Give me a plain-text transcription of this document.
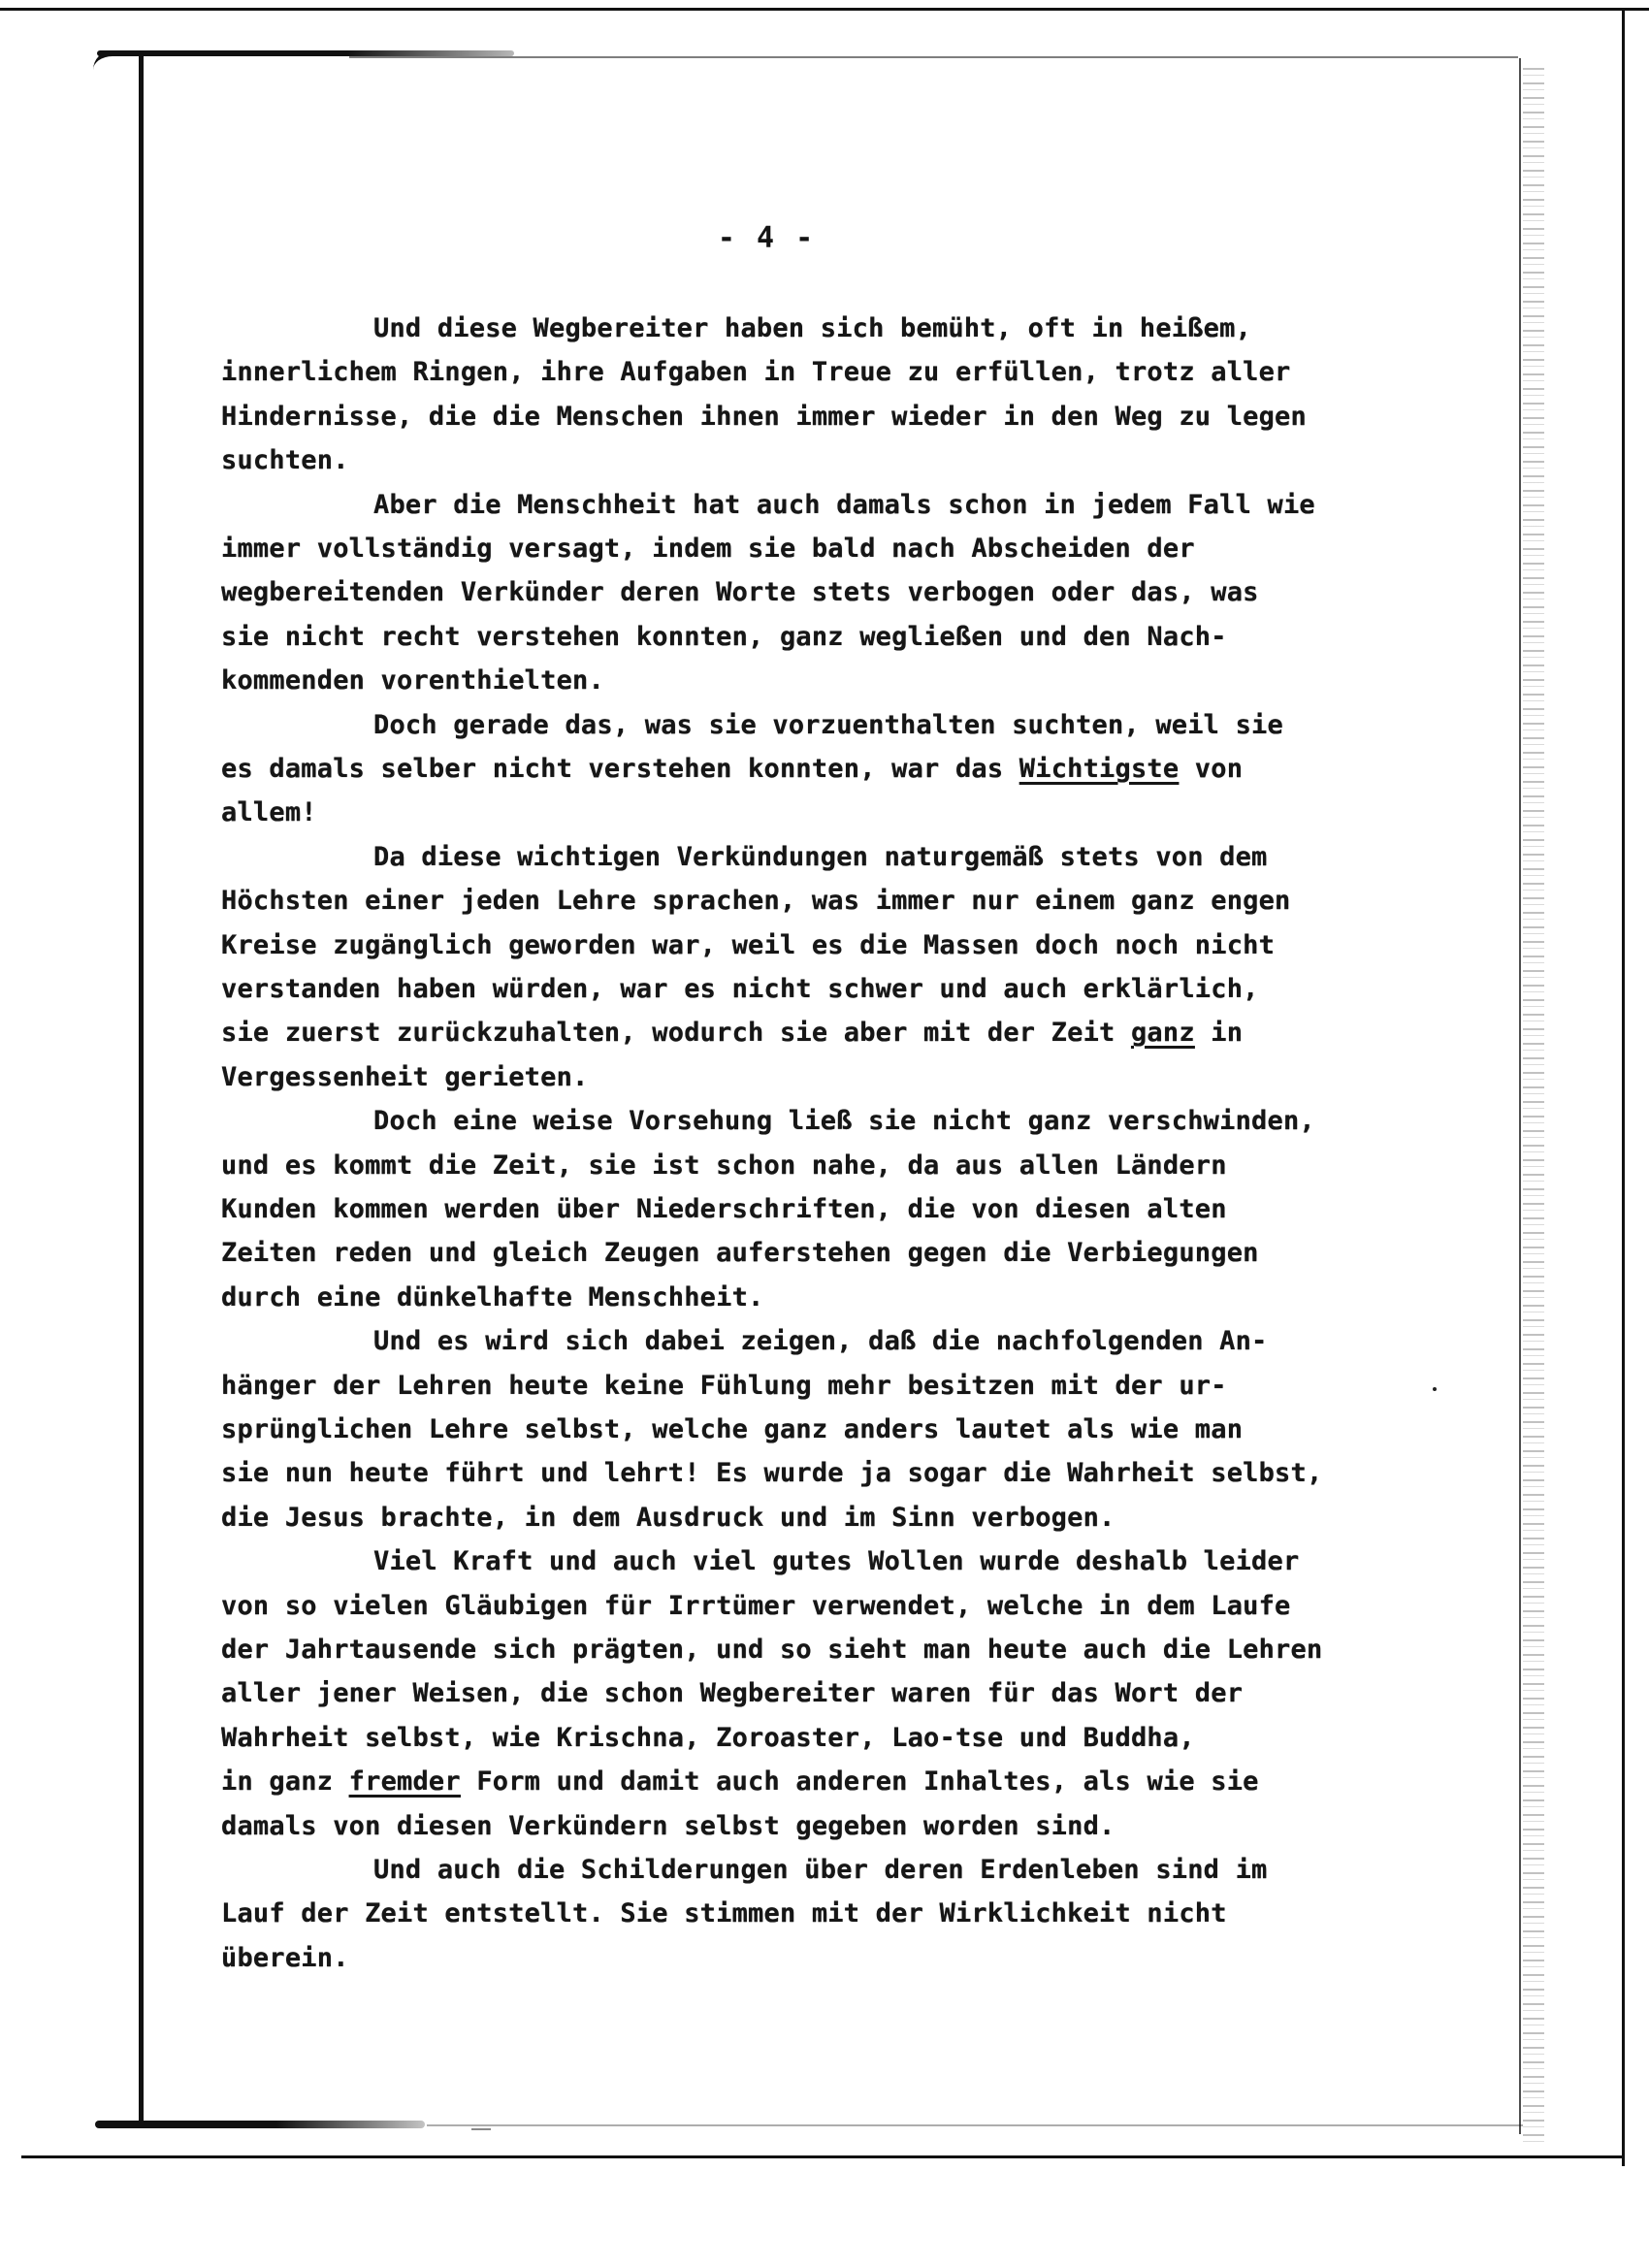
- 4 -

Und diese Wegbereiter haben sich bemüht, oft in heißem,

innerlichem Ringen, ihre Aufgaben in Treue zu erfüllen, trotz aller

Hindernisse, die die Menschen ihnen immer wieder in den Weg zu legen

suchten.

Aber die Menschheit hat auch damals schon in jedem Fall wie

immer vollständig versagt, indem sie bald nach Abscheiden der

wegbereitenden Verkünder deren Worte stets verbogen oder das, was

sie nicht recht verstehen konnten, ganz wegließen und den Nach-

kommenden vorenthielten.

Doch gerade das, was sie vorzuenthalten suchten, weil sie

es damals selber nicht verstehen konnten, war das Wichtigste von

allem!

Da diese wichtigen Verkündungen naturgemäß stets von dem

Höchsten einer jeden Lehre sprachen, was immer nur einem ganz engen

Kreise zugänglich geworden war, weil es die Massen doch noch nicht

verstanden haben würden, war es nicht schwer und auch erklärlich,

sie zuerst zurückzuhalten, wodurch sie aber mit der Zeit ganz in

Vergessenheit gerieten.

Doch eine weise Vorsehung ließ sie nicht ganz verschwinden,

und es kommt die Zeit, sie ist schon nahe, da aus allen Ländern

Kunden kommen werden über Niederschriften, die von diesen alten

Zeiten reden und gleich Zeugen auferstehen gegen die Verbiegungen

durch eine dünkelhafte Menschheit.

Und es wird sich dabei zeigen, daß die nachfolgenden An-

hänger der Lehren heute keine Fühlung mehr besitzen mit der ur-

sprünglichen Lehre selbst, welche ganz anders lautet als wie man

sie nun heute führt und lehrt! Es wurde ja sogar die Wahrheit selbst,

die Jesus brachte, in dem Ausdruck und im Sinn verbogen.

Viel Kraft und auch viel gutes Wollen wurde deshalb leider

von so vielen Gläubigen für Irrtümer verwendet, welche in dem Laufe

der Jahrtausende sich prägten, und so sieht man heute auch die Lehren

aller jener Weisen, die schon Wegbereiter waren für das Wort der

Wahrheit selbst, wie Krischna, Zoroaster, Lao-tse und Buddha,

in ganz fremder Form und damit auch anderen Inhaltes, als wie sie

damals von diesen Verkündern selbst gegeben worden sind.

Und auch die Schilderungen über deren Erdenleben sind im

Lauf der Zeit entstellt. Sie stimmen mit der Wirklichkeit nicht

überein.
